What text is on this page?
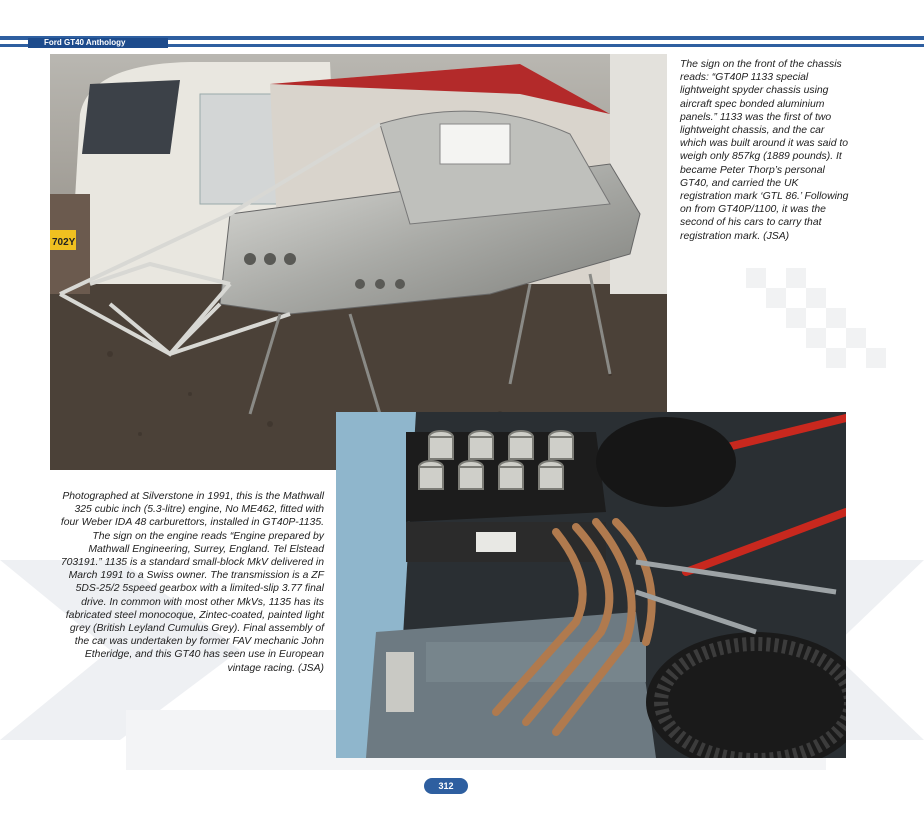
Ford GT40 Anthology
702Y

The sign on the front of the chassis reads: “GT40P 1133 special lightweight spyder chassis using aircraft spec bonded aluminium panels.” 1133 was the first of two lightweight chassis, and the car which was built around it was said to weigh only 857kg (1889 pounds). It became Peter Thorp’s personal GT40, and carried the UK registration mark ‘GTL 86.’ Following on from GT40P/1100, it was the second of his cars to carry that registration mark. (JSA)

Photographed at Silverstone in 1991, this is the Mathwall 325 cubic inch (5.3-litre) engine, No ME462, fitted with four Weber IDA 48 carburettors, installed in GT40P-1135. The sign on the engine reads “Engine prepared by Mathwall Engineering, Surrey, England. Tel Elstead 703191.” 1135 is a standard small-block MkV delivered in March 1991 to a Swiss owner. The transmission is a ZF 5DS-25/2 5speed gearbox with a limited-slip 3.77 final drive. In common with most other MkVs, 1135 has its fabricated steel monocoque, Zintec-coated, painted light grey (British Leyland Cumulus Grey). Final assembly of the car was undertaken by former FAV mechanic John Etheridge, and this GT40 has seen use in European vintage racing. (JSA)

312
